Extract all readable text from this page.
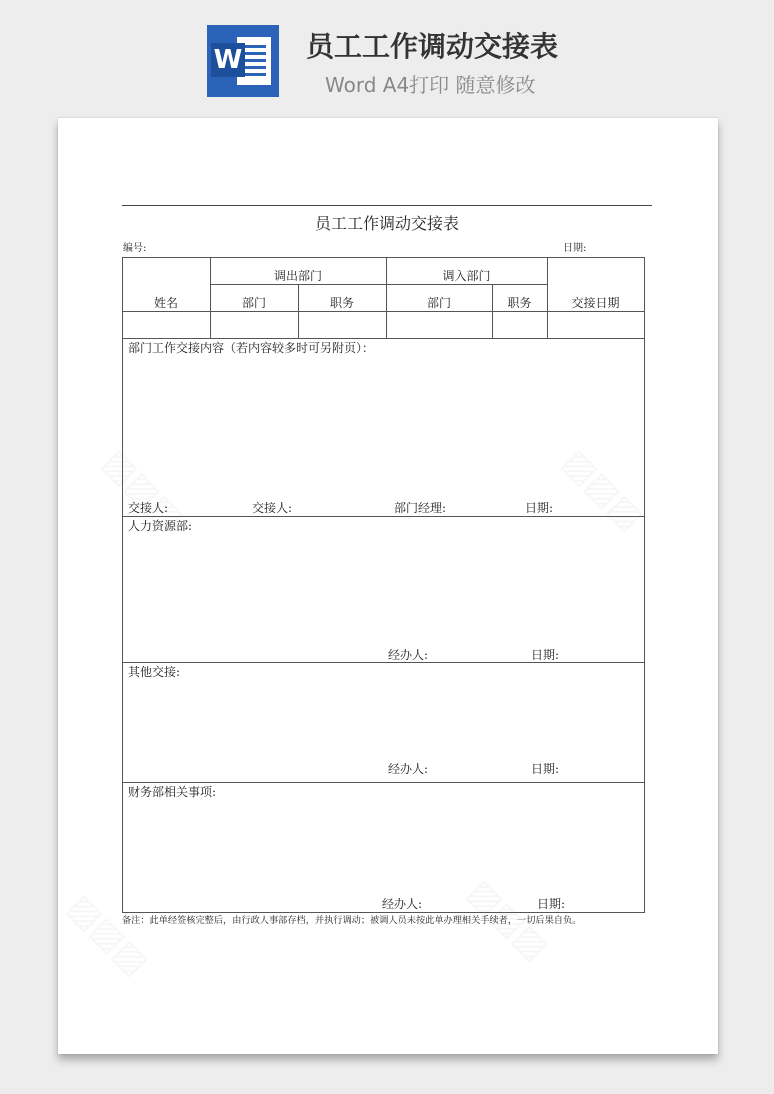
W 员工工作调动交接表
Word A4打印 随意修改
员工工作调动交接表
编号:	日期:
姓名
调出部门	调入部门
部门	职务	部门	职务	交接日期
部门工作交接内容（若内容较多时可另附页）：
交接人:	交接人:	部门经理:	日期:
人力资源部:
经办人:	日期:
其他交接:
经办人:	日期:
财务部相关事项:
经办人:	日期:
备注：此单经签核完整后，由行政人事部存档，并执行调动；被调人员未按此单办理相关手续者，一切后果自负。
